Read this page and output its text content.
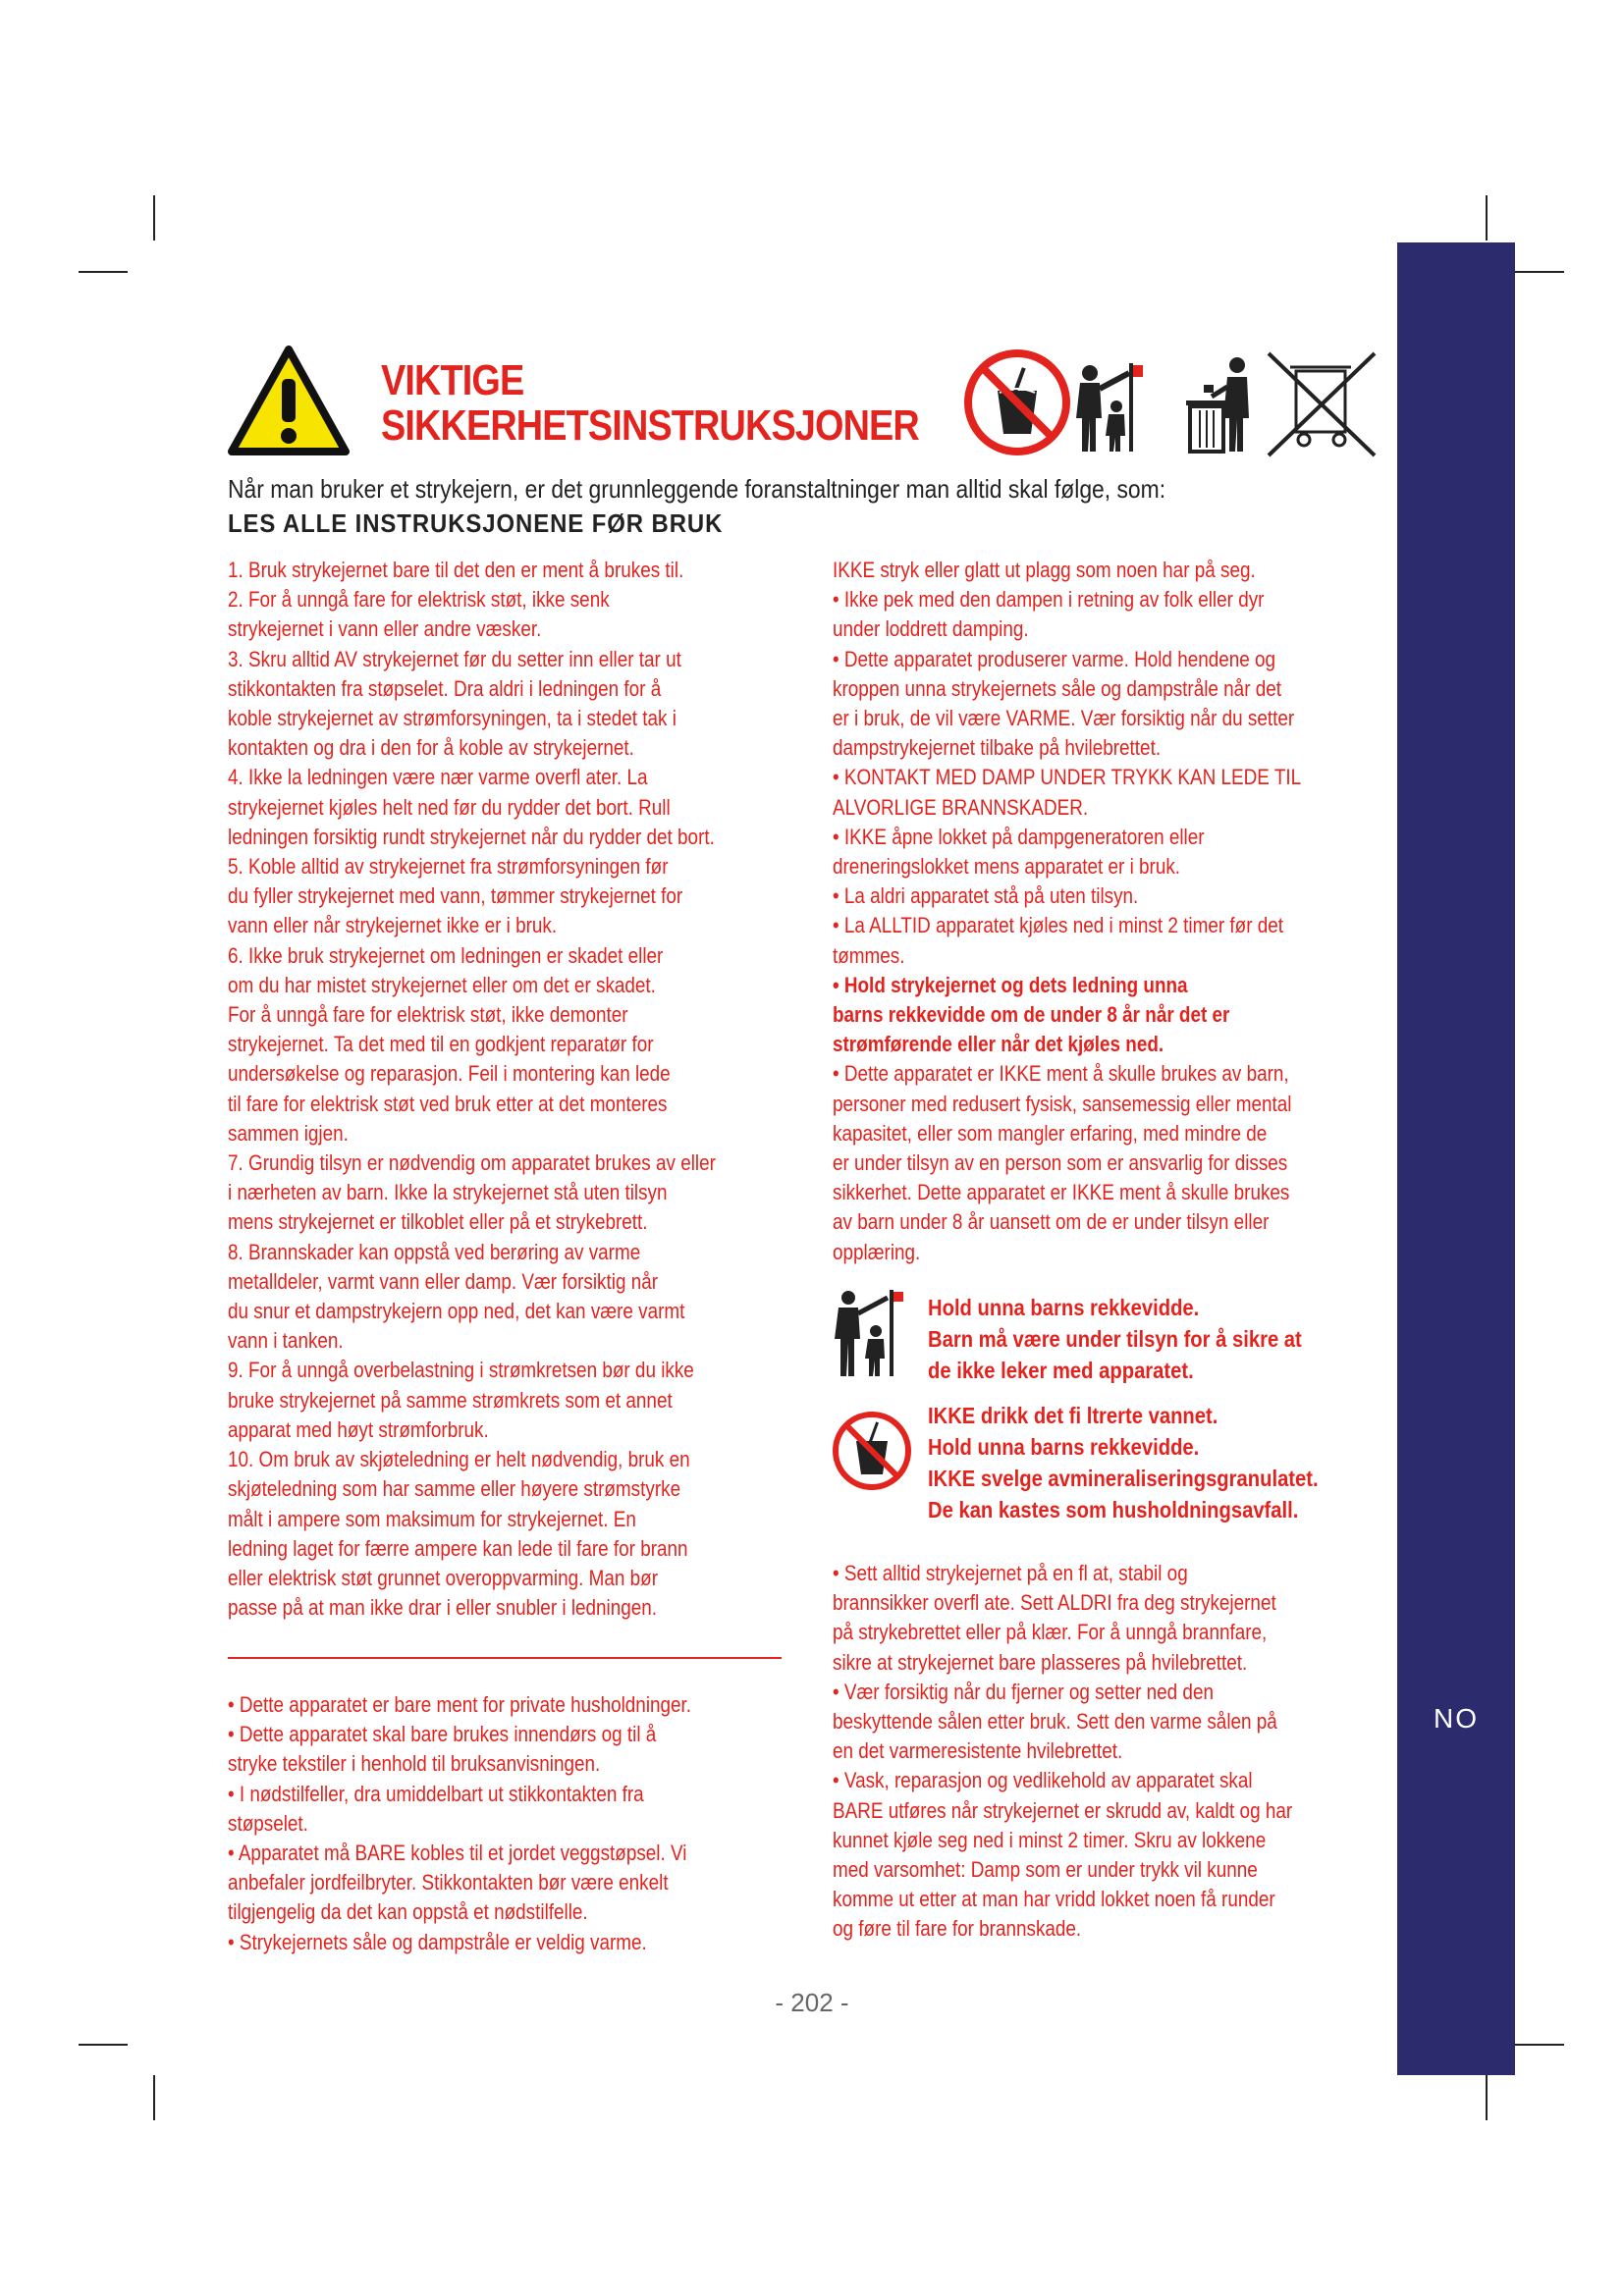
NO
VIKTIGE
SIKKERHETSINSTRUKSJONER
Når man bruker et strykejern, er det grunnleggende foranstaltninger man alltid skal følge, som:
LES ALLE INSTRUKSJONENE FØR BRUK

1. Bruk strykejernet bare til det den er ment å brukes til.

2. For å unngå fare for elektrisk støt, ikke senk

strykejernet i vann eller andre væsker.

3. Skru alltid AV strykejernet før du setter inn eller tar ut

stikkontakten fra støpselet. Dra aldri i ledningen for å

koble strykejernet av strømforsyningen, ta i stedet tak i

kontakten og dra i den for å koble av strykejernet.

4. Ikke la ledningen være nær varme overfl ater. La

strykejernet kjøles helt ned før du rydder det bort. Rull

ledningen forsiktig rundt strykejernet når du rydder det bort.

5. Koble alltid av strykejernet fra strømforsyningen før

du fyller strykejernet med vann, tømmer strykejernet for

vann eller når strykejernet ikke er i bruk.

6. Ikke bruk strykejernet om ledningen er skadet eller

om du har mistet strykejernet eller om det er skadet.

For å unngå fare for elektrisk støt, ikke demonter

strykejernet. Ta det med til en godkjent reparatør for

undersøkelse og reparasjon. Feil i montering kan lede

til fare for elektrisk støt ved bruk etter at det monteres

sammen igjen.

7. Grundig tilsyn er nødvendig om apparatet brukes av eller

i nærheten av barn. Ikke la strykejernet stå uten tilsyn

mens strykejernet er tilkoblet eller på et strykebrett.

8. Brannskader kan oppstå ved berøring av varme

metalldeler, varmt vann eller damp. Vær forsiktig når

du snur et dampstrykejern opp ned, det kan være varmt

vann i tanken.

9. For å unngå overbelastning i strømkretsen bør du ikke

bruke strykejernet på samme strømkrets som et annet

apparat med høyt strømforbruk.

10. Om bruk av skjøteledning er helt nødvendig, bruk en

skjøteledning som har samme eller høyere strømstyrke

målt i ampere som maksimum for strykejernet. En

ledning laget for færre ampere kan lede til fare for brann

eller elektrisk støt grunnet overoppvarming. Man bør

passe på at man ikke drar i eller snubler i ledningen.

• Dette apparatet er bare ment for private husholdninger.

• Dette apparatet skal bare brukes innendørs og til å

stryke tekstiler i henhold til bruksanvisningen.

• I nødstilfeller, dra umiddelbart ut stikkontakten fra

støpselet.

• Apparatet må BARE kobles til et jordet veggstøpsel. Vi

anbefaler jordfeilbryter. Stikkontakten bør være enkelt

tilgjengelig da det kan oppstå et nødstilfelle.

• Strykejernets såle og dampstråle er veldig varme.

IKKE stryk eller glatt ut plagg som noen har på seg.

• Ikke pek med den dampen i retning av folk eller dyr

under loddrett damping.

• Dette apparatet produserer varme. Hold hendene og

kroppen unna strykejernets såle og dampstråle når det

er i bruk, de vil være VARME. Vær forsiktig når du setter

dampstrykejernet tilbake på hvilebrettet.

• KONTAKT MED DAMP UNDER TRYKK KAN LEDE TIL

ALVORLIGE BRANNSKADER.

• IKKE åpne lokket på dampgeneratoren eller

dreneringslokket mens apparatet er i bruk.

• La aldri apparatet stå på uten tilsyn.

• La ALLTID apparatet kjøles ned i minst 2 timer før det

tømmes.

• Hold strykejernet og dets ledning unna

barns rekkevidde om de under 8 år når det er

strømførende eller når det kjøles ned.

• Dette apparatet er IKKE ment å skulle brukes av barn,

personer med redusert fysisk, sansemessig eller mental

kapasitet, eller som mangler erfaring, med mindre de

er under tilsyn av en person som er ansvarlig for disses

sikkerhet. Dette apparatet er IKKE ment å skulle brukes

av barn under 8 år uansett om de er under tilsyn eller

opplæring.

Hold unna barns rekkevidde.
Barn må være under tilsyn for å sikre at
de ikke leker med apparatet.
IKKE drikk det fi ltrerte vannet.
Hold unna barns rekkevidde.
IKKE svelge avmineraliseringsgranulatet.
De kan kastes som husholdningsavfall.

• Sett alltid strykejernet på en fl at, stabil og

brannsikker overfl ate. Sett ALDRI fra deg strykejernet

på strykebrettet eller på klær. For å unngå brannfare,

sikre at strykejernet bare plasseres på hvilebrettet.

• Vær forsiktig når du fjerner og setter ned den

beskyttende sålen etter bruk. Sett den varme sålen på

en det varmeresistente hvilebrettet.

• Vask, reparasjon og vedlikehold av apparatet skal

BARE utføres når strykejernet er skrudd av, kaldt og har

kunnet kjøle seg ned i minst 2 timer. Skru av lokkene

med varsomhet: Damp som er under trykk vil kunne

komme ut etter at man har vridd lokket noen få runder

og føre til fare for brannskade.

- 202 -
